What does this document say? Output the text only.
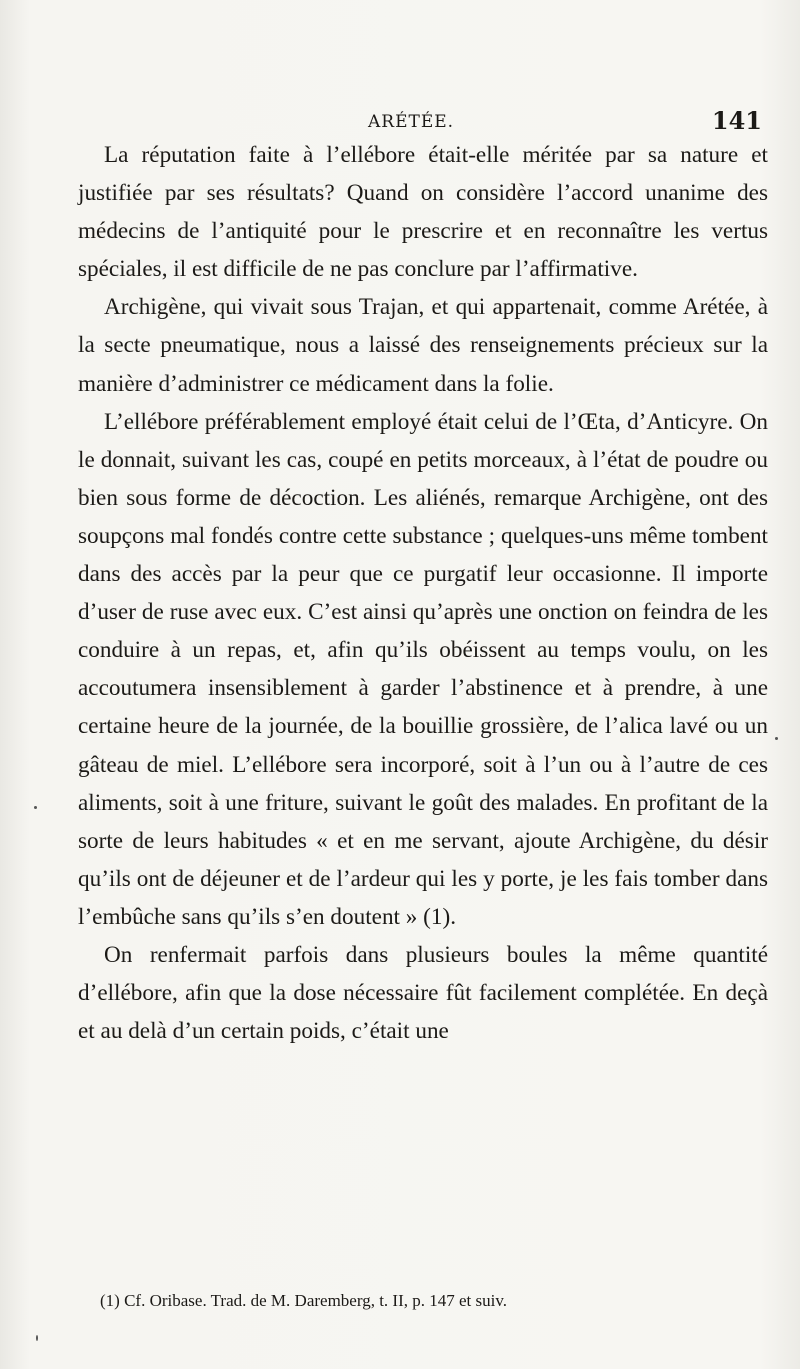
ARÉTÉE.	141

La réputation faite à l’ellébore était-elle méritée par sa nature et justifiée par ses résultats? Quand on considère l’accord unanime des médecins de l’antiquité pour le prescrire et en reconnaître les vertus spéciales, il est difficile de ne pas conclure par l’affirmative.

Archigène, qui vivait sous Trajan, et qui appartenait, comme Arétée, à la secte pneumatique, nous a laissé des renseignements précieux sur la manière d’administrer ce médicament dans la folie.

L’ellébore préférablement employé était celui de l’Œta, d’Anticyre. On le donnait, suivant les cas, coupé en petits morceaux, à l’état de poudre ou bien sous forme de décoction. Les aliénés, remarque Archigène, ont des soupçons mal fondés contre cette substance ; quelques-uns même tombent dans des accès par la peur que ce purgatif leur occasionne. Il importe d’user de ruse avec eux. C’est ainsi qu’après une onction on feindra de les conduire à un repas, et, afin qu’ils obéissent au temps voulu, on les accoutumera insensiblement à garder l’abstinence et à prendre, à une certaine heure de la journée, de la bouillie grossière, de l’alica lavé ou un gâteau de miel. L’ellébore sera incorporé, soit à l’un ou à l’autre de ces aliments, soit à une friture, suivant le goût des malades. En profitant de la sorte de leurs habitudes « et en me servant, ajoute Archigène, du désir qu’ils ont de déjeuner et de l’ardeur qui les y porte, je les fais tomber dans l’embûche sans qu’ils s’en doutent » (1).

On renfermait parfois dans plusieurs boules la même quantité d’ellébore, afin que la dose nécessaire fût facilement complétée. En deçà et au delà d’un certain poids, c’était une

(1) Cf. Oribase. Trad. de M. Daremberg, t. II, p. 147 et suiv.
